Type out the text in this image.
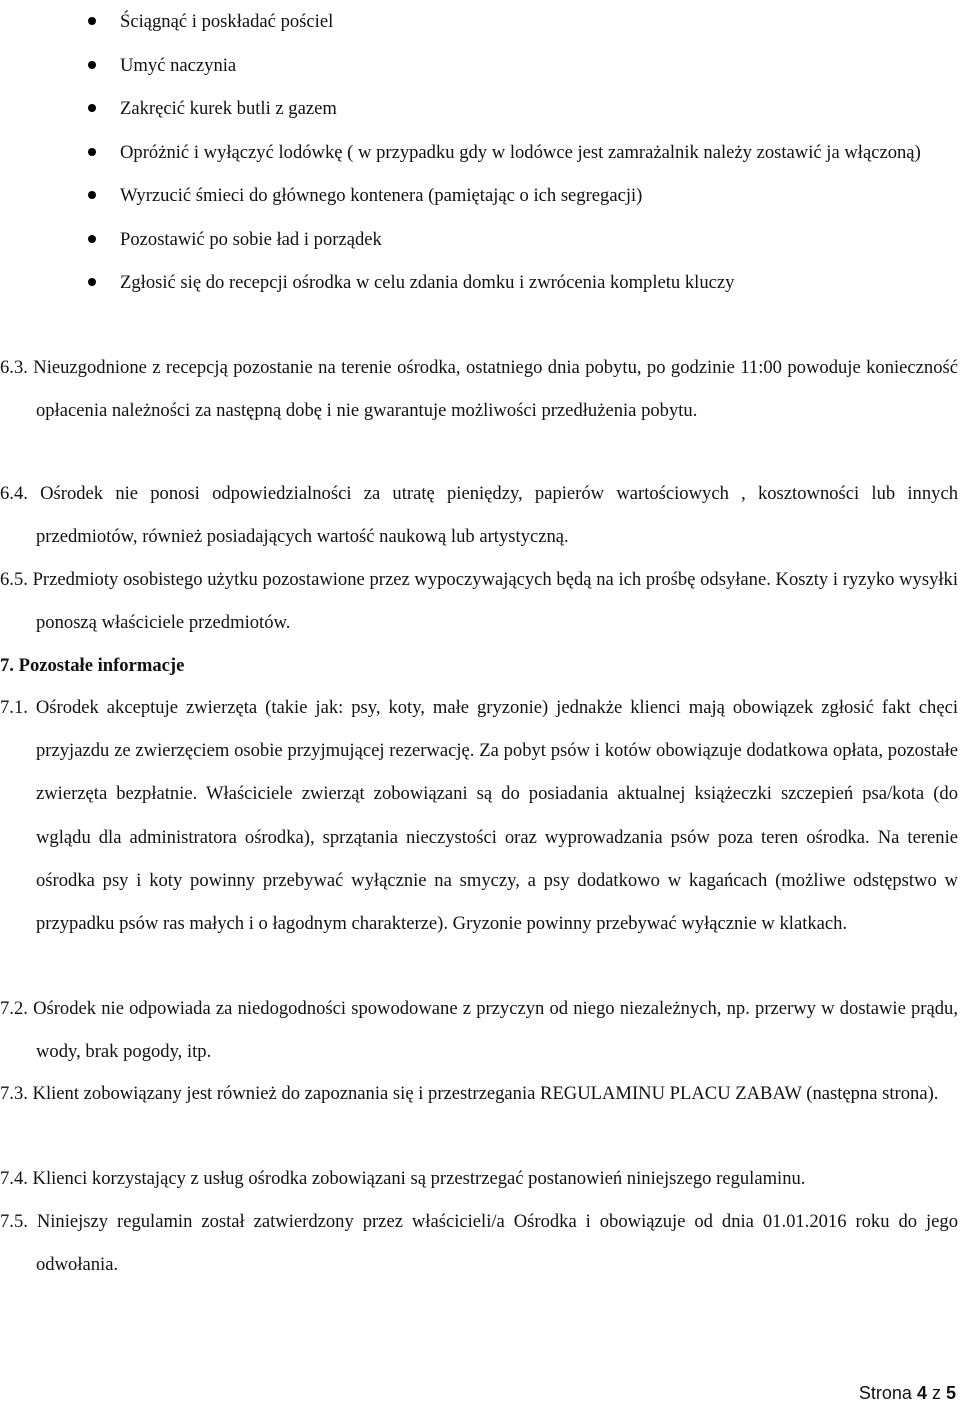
Ściągnąć i poskładać pościel
Umyć naczynia
Zakręcić kurek butli z gazem
Opróżnić i wyłączyć lodówkę ( w przypadku gdy w lodówce jest zamrażalnik należy zostawić ja włączoną)
Wyrzucić śmieci do głównego kontenera (pamiętając o ich segregacji)
Pozostawić po sobie ład i porządek
Zgłosić się do recepcji ośrodka w celu zdania domku i zwrócenia kompletu kluczy

6.3. Nieuzgodnione z recepcją pozostanie na terenie ośrodka, ostatniego dnia pobytu, po godzinie 11:00 powoduje konieczność opłacenia należności za następną dobę i nie gwarantuje możliwości przedłużenia pobytu.

6.4. Ośrodek nie ponosi odpowiedzialności za utratę pieniędzy, papierów wartościowych , kosztowności lub innych przedmiotów, również posiadających wartość naukową lub artystyczną.

6.5. Przedmioty osobistego użytku pozostawione przez wypoczywających będą na ich prośbę odsyłane. Koszty i ryzyko wysyłki ponoszą właściciele przedmiotów.

7. Pozostałe informacje

7.1. Ośrodek akceptuje zwierzęta (takie jak: psy, koty, małe gryzonie) jednakże klienci mają obowiązek zgłosić fakt chęci przyjazdu ze zwierzęciem osobie przyjmującej rezerwację. Za pobyt psów i kotów obowiązuje dodatkowa opłata, pozostałe zwierzęta bezpłatnie. Właściciele zwierząt zobowiązani są do posiadania aktualnej książeczki szczepień psa/kota (do wglądu dla administratora ośrodka), sprzątania nieczystości oraz wyprowadzania psów poza teren ośrodka. Na terenie ośrodka psy i koty powinny przebywać wyłącznie na smyczy, a psy dodatkowo w kagańcach (możliwe odstępstwo w przypadku psów ras małych i o łagodnym charakterze). Gryzonie powinny przebywać wyłącznie w klatkach.

7.2. Ośrodek nie odpowiada za niedogodności spowodowane z przyczyn od niego niezależnych, np. przerwy w dostawie prądu, wody, brak pogody, itp.

7.3. Klient zobowiązany jest również do zapoznania się i przestrzegania REGULAMINU PLACU ZABAW (następna strona).

7.4. Klienci korzystający z usług ośrodka zobowiązani są przestrzegać postanowień niniejszego regulaminu.

7.5. Niniejszy regulamin został zatwierdzony przez właścicieli/a Ośrodka i obowiązuje od dnia 01.01.2016 roku do jego odwołania.

Strona 4 z 5
